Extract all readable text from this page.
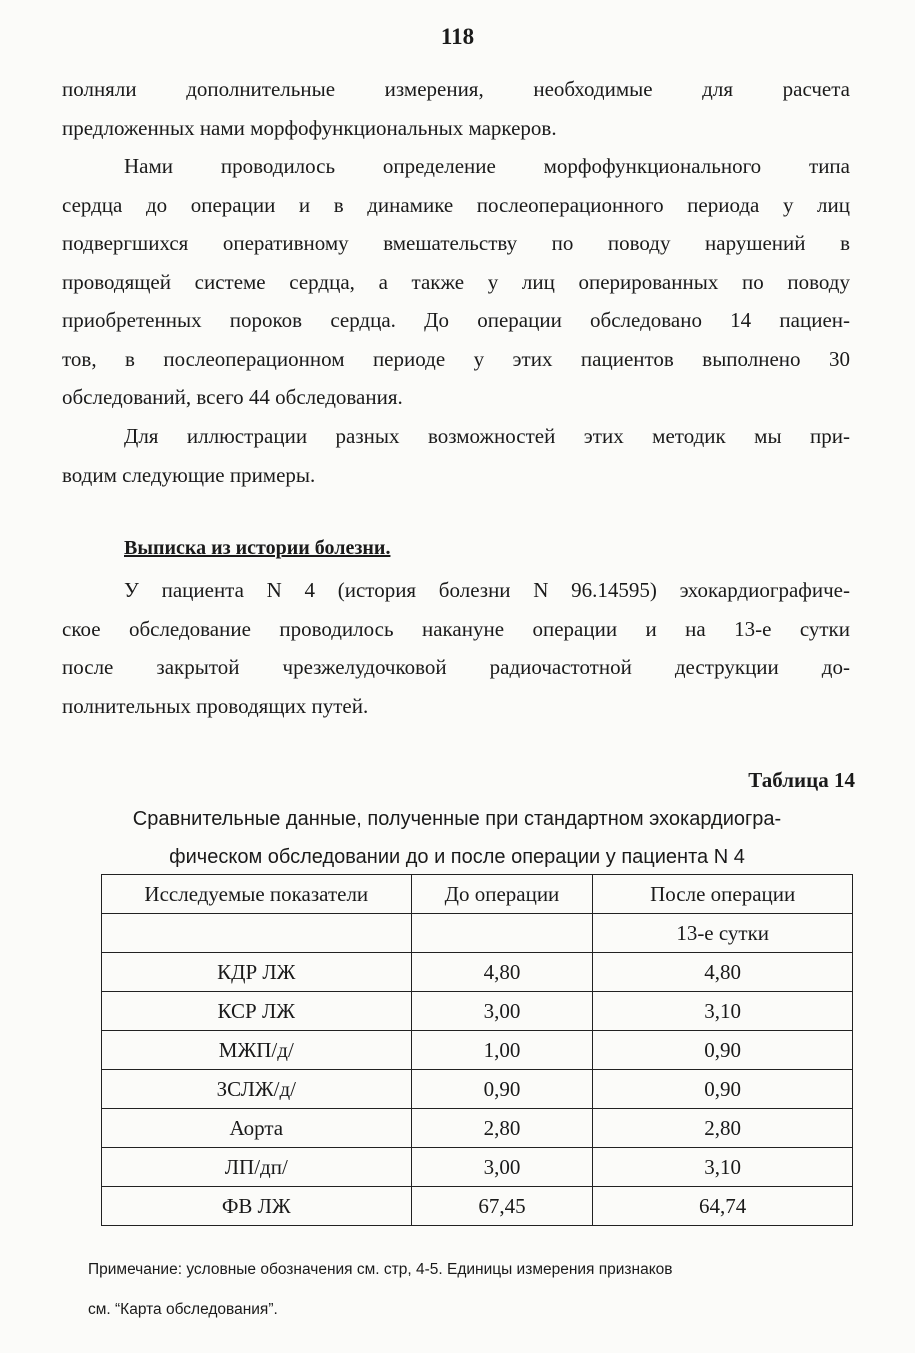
118
полняли дополнительные измерения, необходимые для расчета
предложенных нами морфофункциональных маркеров.
Нами проводилось определение морфофункционального типа
сердца до операции и в динамике послеоперационного периода у лиц
подвергшихся оперативному вмешательству по поводу нарушений в
проводящей системе сердца, а также у лиц оперированных по поводу
приобретенных пороков сердца. До операции обследовано 14 пациен-
тов, в послеоперационном периоде у этих пациентов выполнено 30
обследований, всего 44 обследования.
Для иллюстрации разных возможностей этих методик мы при-
водим следующие примеры.
Выписка из истории болезни.
У пациента N 4 (история болезни N 96.14595) эхокардиографиче-
ское обследование проводилось накануне операции и на 13-е сутки
после закрытой чрезжелудочковой радиочастотной деструкции до-
полнительных проводящих путей.
Таблица 14
Сравнительные данные, полученные при стандартном эхокардиогра-
фическом обследовании до и после операции у пациента N 4
Исследуемые показатели	До операции	После операции
		13-е сутки
КДР ЛЖ	4,80	4,80
КСР ЛЖ	3,00	3,10
МЖП/д/	1,00	0,90
ЗСЛЖ/д/	0,90	0,90
Аорта	2,80	2,80
ЛП/дп/	3,00	3,10
ФВ ЛЖ	67,45	64,74
Примечание: условные обозначения см. стр, 4-5. Единицы измерения признаков
см. “Карта обследования”.
